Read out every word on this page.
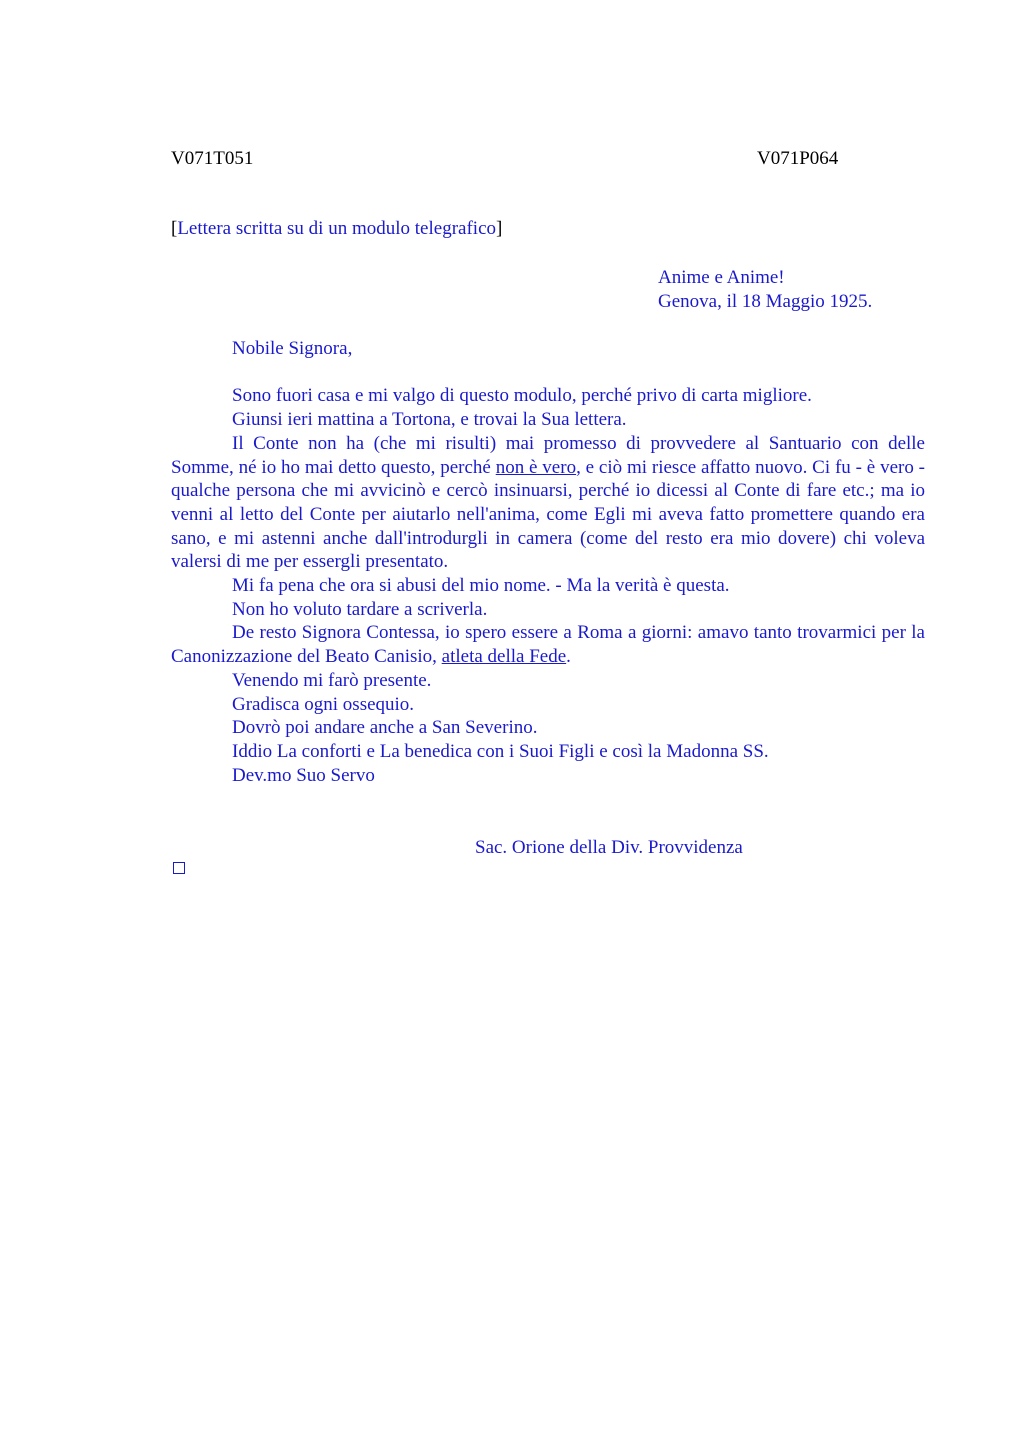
V071T051	V071P064
[Lettera scritta su di un modulo telegrafico]
Anime e Anime!
Genova, il 18 Maggio 1925.

Nobile Signora,

Sono fuori casa e mi valgo di questo modulo, perché privo di carta migliore.

Giunsi ieri mattina a Tortona, e trovai la Sua lettera.

Il Conte non ha (che mi risulti) mai promesso di provvedere al Santuario con delle Somme, né io ho mai detto questo, perché non è vero, e ciò mi riesce affatto nuovo. Ci fu - è vero - qualche persona che mi avvicinò e cercò insinuarsi, perché io dicessi al Conte di fare etc.; ma io venni al letto del Conte per aiutarlo nell'anima, come Egli mi aveva fatto promettere quando era sano, e mi astenni anche dall'introdurgli in camera (come del resto era mio dovere) chi voleva valersi di me per essergli presentato.

Mi fa pena che ora si abusi del mio nome. - Ma la verità è questa.

Non ho voluto tardare a scriverla.

De resto Signora Contessa, io spero essere a Roma a giorni: amavo tanto trovarmici per la Canonizzazione del Beato Canisio, atleta della Fede.

Venendo mi farò presente.

Gradisca ogni ossequio.

Dovrò poi andare anche a San Severino.

Iddio La conforti e La benedica con i Suoi Figli e così la Madonna SS.

Dev.mo Suo Servo

Sac. Orione della Div. Provvidenza
